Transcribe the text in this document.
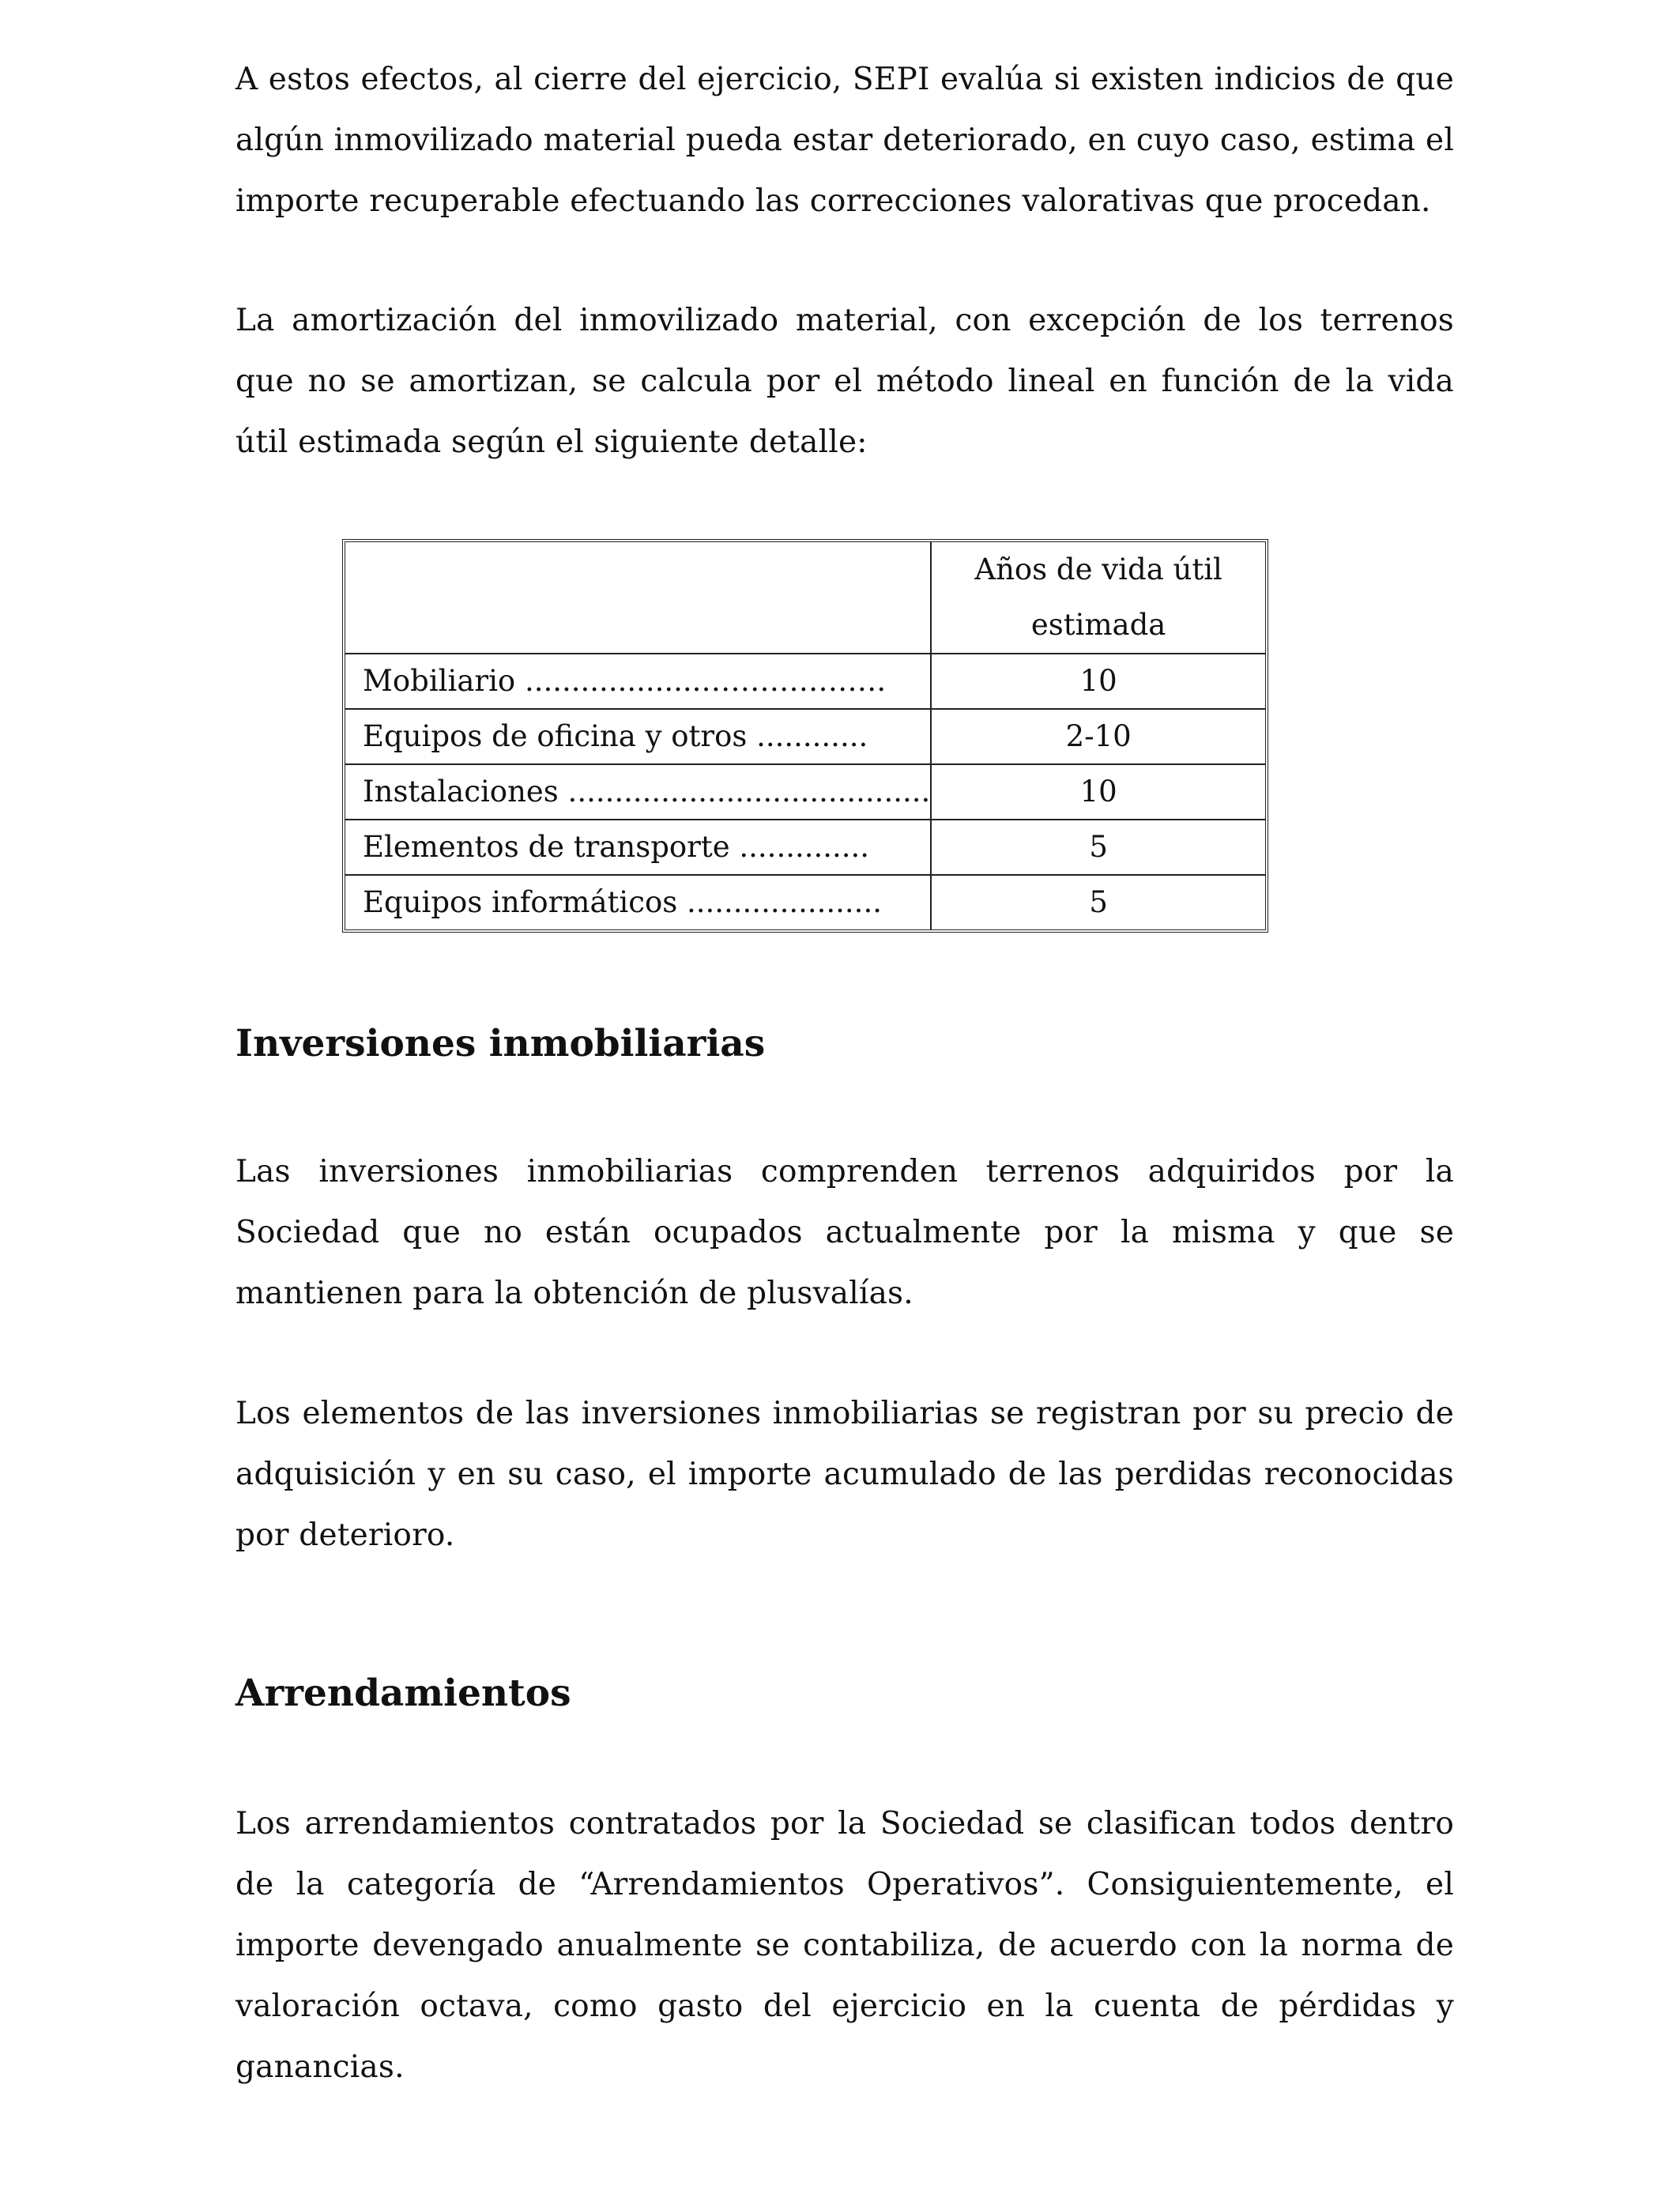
A estos efectos, al cierre del ejercicio, SEPI evalúa si existen indicios de que algún inmovilizado material pueda estar deteriorado, en cuyo caso, estima el importe recuperable efectuando las correcciones valorativas que procedan.

La amortización del inmovilizado material, con excepción de los terrenos que no se amortizan, se calcula por el método lineal en función de la vida útil estimada según el siguiente detalle:

	Años de vida útil estimada
Mobiliario ...................……………….	10
Equipos de oficina y otros ............	2-10
Instalaciones .......................................	10
Elementos de transporte ..............	5
Equipos informáticos .....................	5
Inversiones inmobiliarias

Las inversiones inmobiliarias comprenden terrenos adquiridos por la Sociedad que no están ocupados actualmente por la misma y que se mantienen para la obtención de plusvalías.

Los elementos de las inversiones inmobiliarias se registran por su precio de adquisición y en su caso, el importe acumulado de las perdidas reconocidas por deterioro.

Arrendamientos

Los arrendamientos contratados por la Sociedad se clasifican todos dentro de la categoría de “Arrendamientos Operativos”. Consiguientemente, el importe devengado anualmente se contabiliza, de acuerdo con la norma de valoración octava, como gasto del ejercicio en la cuenta de pérdidas y ganancias.
